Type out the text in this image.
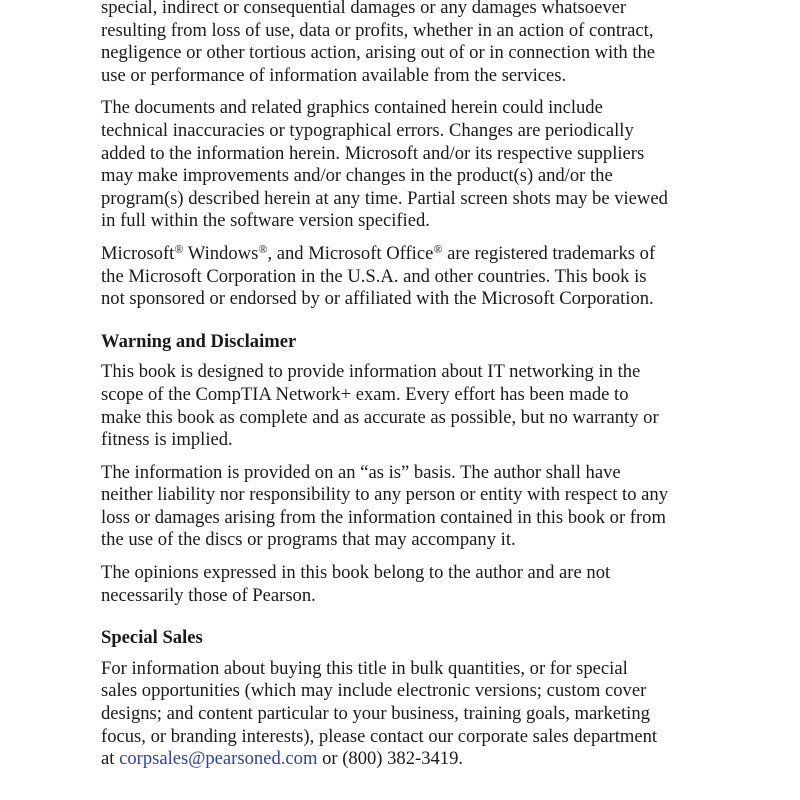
special, indirect or consequential damages or any damages whatsoever
resulting from loss of use, data or profits, whether in an action of contract,
negligence or other tortious action, arising out of or in connection with the
use or performance of information available from the services.

The documents and related graphics contained herein could include
technical inaccuracies or typographical errors. Changes are periodically
added to the information herein. Microsoft and/or its respective suppliers
may make improvements and/or changes in the product(s) and/or the
program(s) described herein at any time. Partial screen shots may be viewed
in full within the software version specified.

Microsoft® Windows®, and Microsoft Office® are registered trademarks of
the Microsoft Corporation in the U.S.A. and other countries. This book is
not sponsored or endorsed by or affiliated with the Microsoft Corporation.

Warning and Disclaimer

This book is designed to provide information about IT networking in the
scope of the CompTIA Network+ exam. Every effort has been made to
make this book as complete and as accurate as possible, but no warranty or
fitness is implied.

The information is provided on an “as is” basis. The author shall have
neither liability nor responsibility to any person or entity with respect to any
loss or damages arising from the information contained in this book or from
the use of the discs or programs that may accompany it.

The opinions expressed in this book belong to the author and are not
necessarily those of Pearson.

Special Sales

For information about buying this title in bulk quantities, or for special
sales opportunities (which may include electronic versions; custom cover
designs; and content particular to your business, training goals, marketing
focus, or branding interests), please contact our corporate sales department
at corpsales@pearsoned.com or (800) 382-3419.
